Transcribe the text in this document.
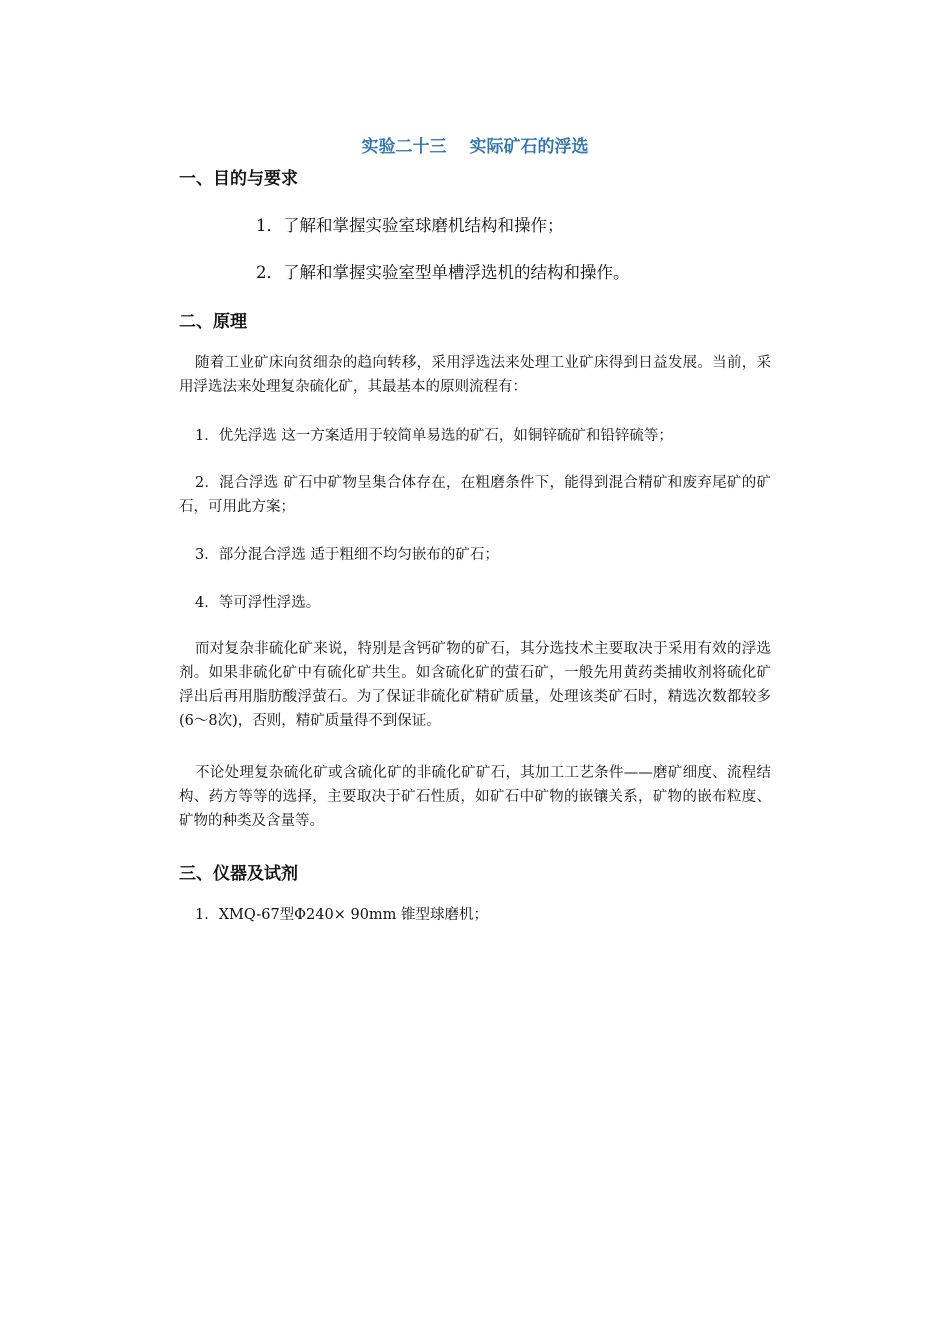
实验二十三　 实际矿石的浮选
一、目的与要求
1．了解和掌握实验室球磨机结构和操作；
2．了解和掌握实验室型单槽浮选机的结构和操作。
二、原理
随着工业矿床向贫细杂的趋向转移，采用浮选法来处理工业矿床得到日益发展。当前，采用浮选法来处理复杂硫化矿，其最基本的原则流程有：
1．优先浮选 这一方案适用于较简单易选的矿石，如铜锌硫矿和铅锌硫等；
2．混合浮选 矿石中矿物呈集合体存在，在粗磨条件下，能得到混合精矿和废弃尾矿的矿石，可用此方案；
3．部分混合浮选 适于粗细不均匀嵌布的矿石；
4．等可浮性浮选。
而对复杂非硫化矿来说，特别是含钙矿物的矿石，其分选技术主要取决于采用有效的浮选剂。如果非硫化矿中有硫化矿共生。如含硫化矿的萤石矿，一般先用黄药类捕收剂将硫化矿浮出后再用脂肪酸浮萤石。为了保证非硫化矿精矿质量，处理该类矿石时，精选次数都较多(6～8次)，否则，精矿质量得不到保证。
不论处理复杂硫化矿或含硫化矿的非硫化矿矿石，其加工工艺条件——磨矿细度、流程结构、药方等等的选择，主要取决于矿石性质，如矿石中矿物的嵌镶关系，矿物的嵌布粒度、矿物的种类及含量等。
三、仪器及试剂
1．XMQ-67型Φ240× 90mm 锥型球磨机；
